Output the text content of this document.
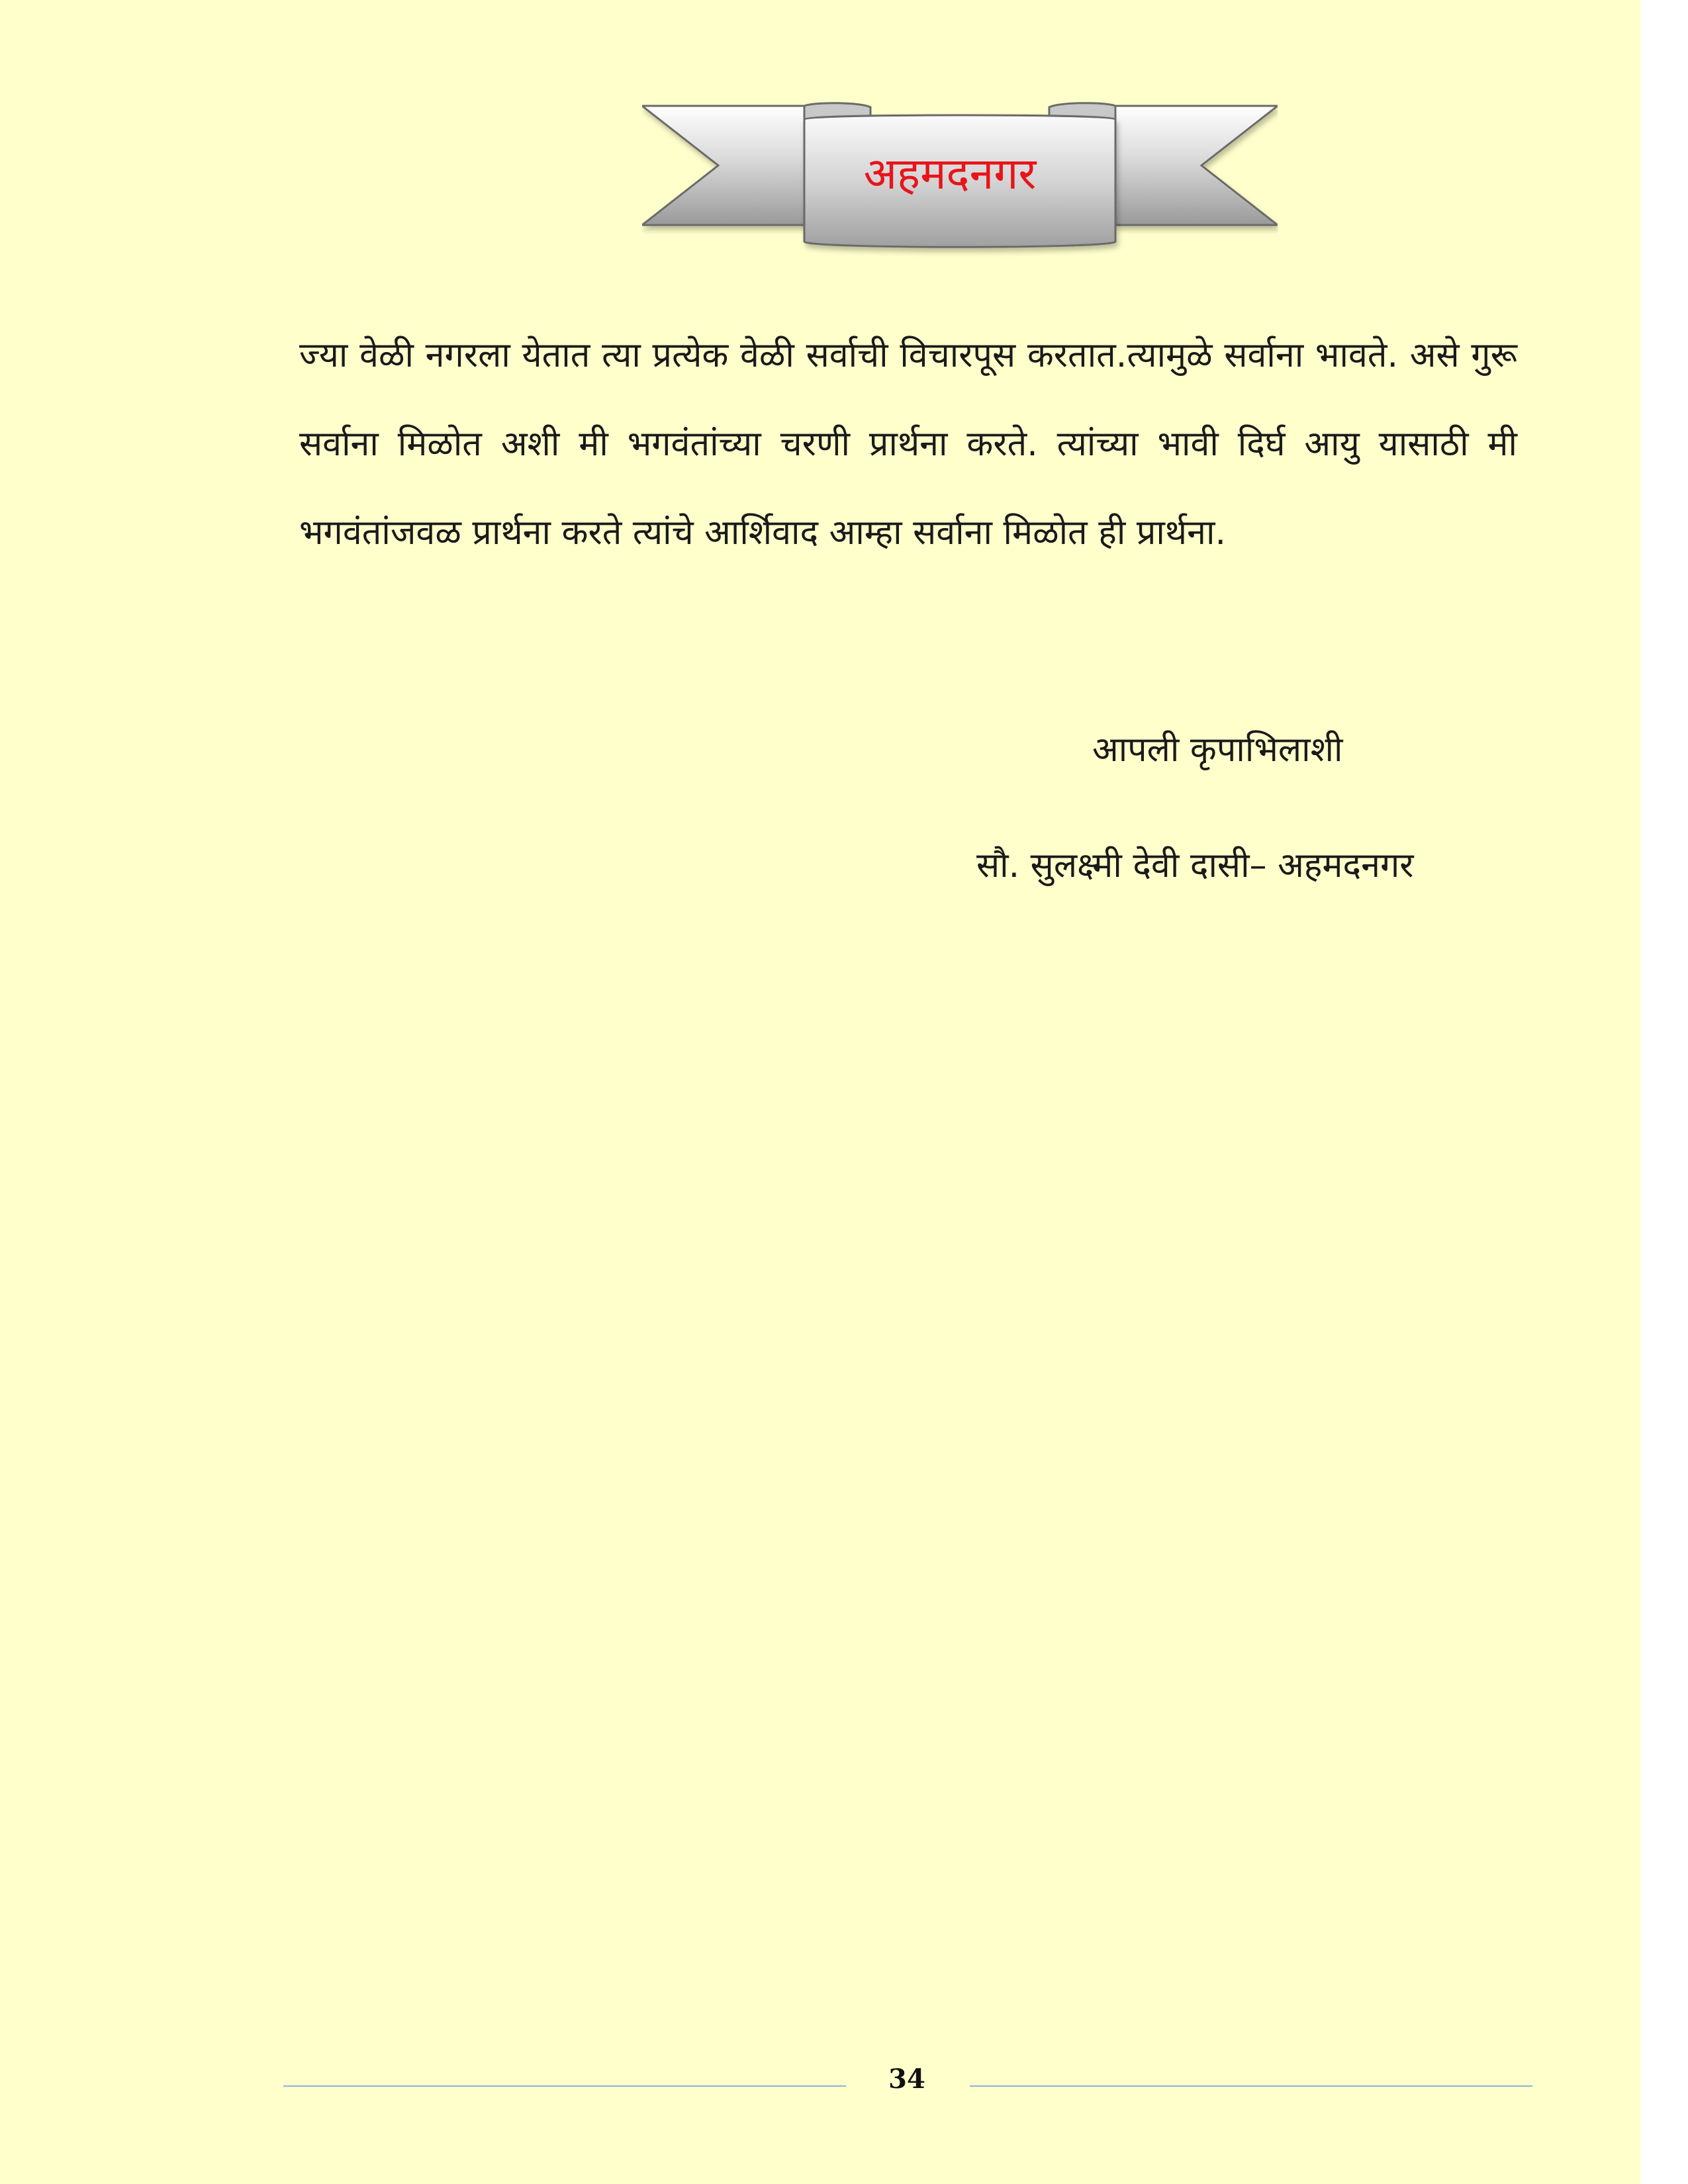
अहमदनगर

ज्या वेळी नगरला येतात त्या प्रत्येक वेळी सर्वाची विचारपूस करतात.त्यामुळे सर्वाना भावते. असे गुरू सर्वाना मिळोत अशी मी भगवंतांच्या चरणी प्रार्थना करते. त्यांच्या भावी दिर्घ आयु यासाठी मी भगवंतांजवळ प्रार्थना करते त्यांचे आर्शिवाद आम्हा सर्वाना मिळोत ही प्रार्थना.

आपली कृपाभिलाशी
सौ. सुलक्ष्मी देवी दासी– अहमदनगर
34
